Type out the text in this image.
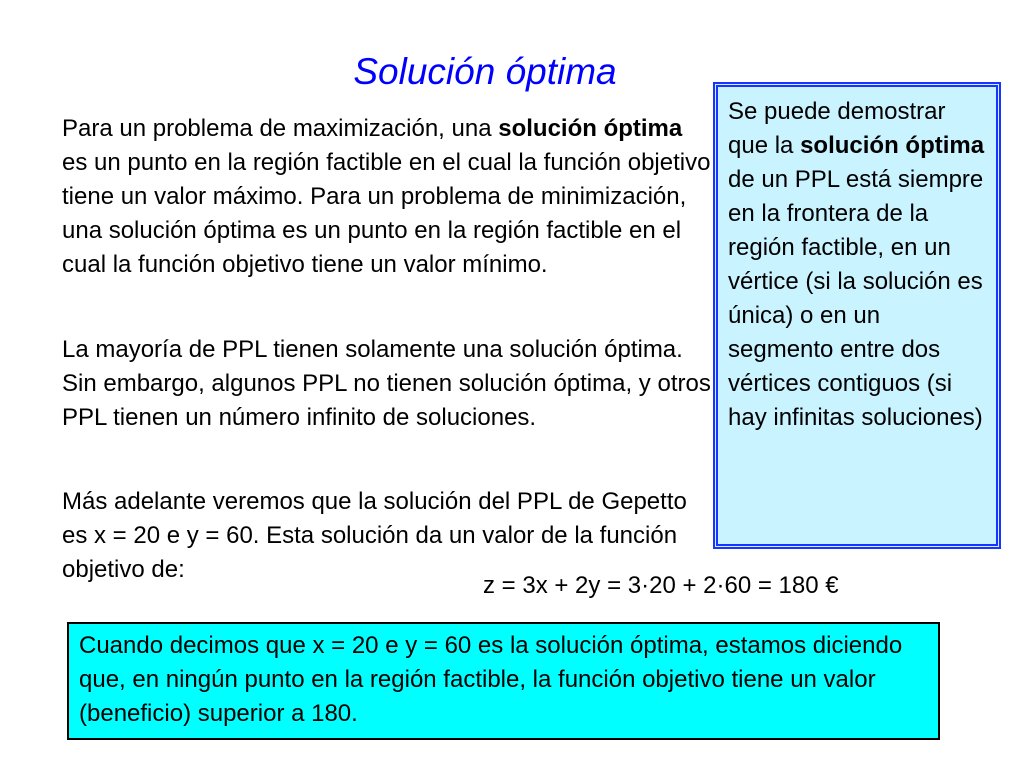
Solución óptima

Para un problema de maximización, una solución óptima es un punto en la región factible en el cual la función objetivo tiene un valor máximo. Para un problema de minimización, una solución óptima es un punto en la región factible en el cual la función objetivo tiene un valor mínimo.

La mayoría de PPL tienen solamente una solución óptima. Sin embargo, algunos PPL no tienen solución óptima, y otros PPL tienen un número infinito de soluciones.

Más adelante veremos que la solución del PPL de Gepetto es x = 20 e y = 60. Esta solución da un valor de la función objetivo de:

z = 3x + 2y = 3·20 + 2·60 = 180 €
Se puede demostrar que la solución óptima de un PPL está siempre en la frontera de la región factible, en un vértice (si la solución es única) o en un segmento entre dos vértices contiguos (si hay infinitas soluciones)
Cuando decimos que x = 20 e y = 60 es la solución óptima, estamos diciendo que, en ningún punto en la región factible, la función objetivo tiene un valor (beneficio) superior a 180.
